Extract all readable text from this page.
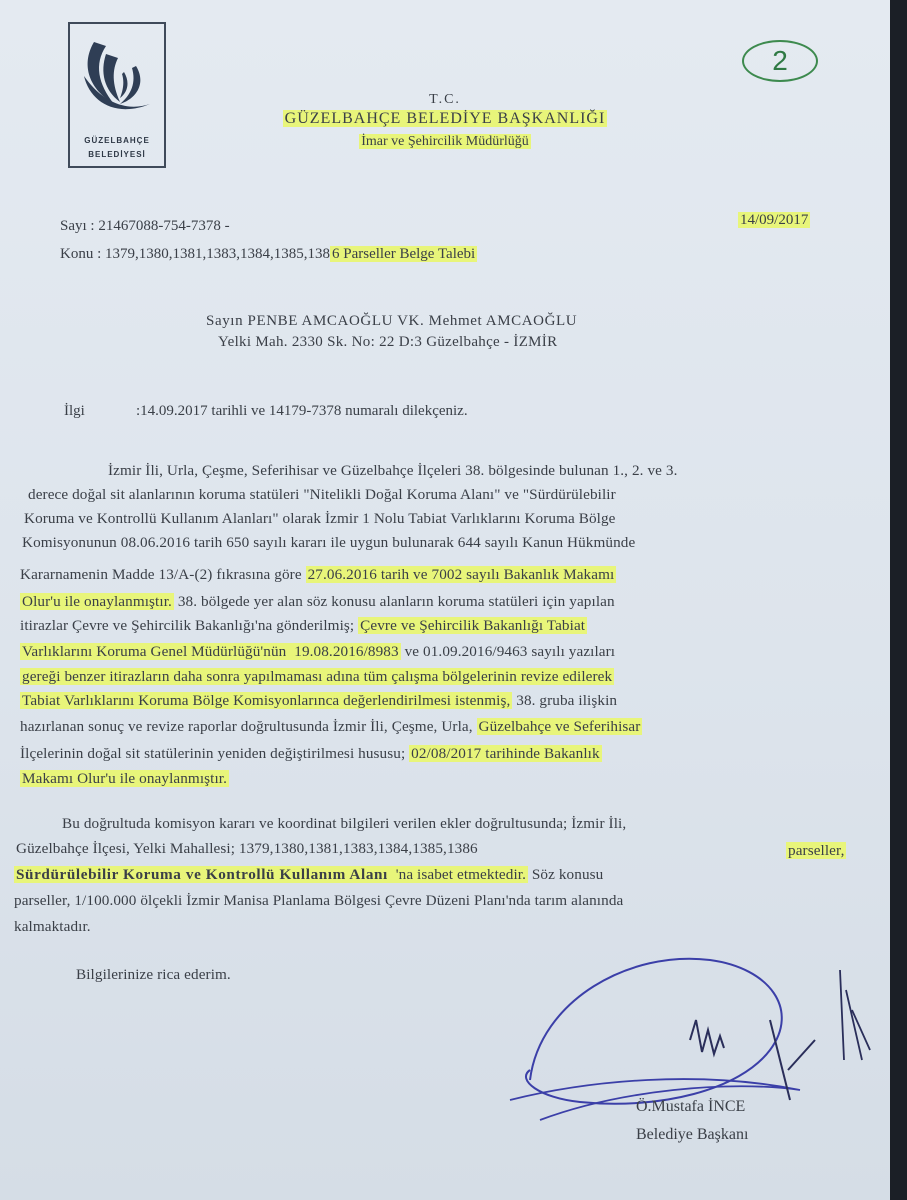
GÜZELBAHÇE
BELEDİYESİ
2
T.C.
GÜZELBAHÇE BELEDİYE BAŞKANLIĞI
İmar ve Şehircilik Müdürlüğü
Sayı : 21467088-754-7378 -	14/09/2017
Konu : 1379,1380,1381,1383,1384,1385,138 6 Parseller Belge Talebi
Sayın PENBE AMCAOĞLU VK. Mehmet AMCAOĞLU
Yelki Mah. 2330 Sk. No: 22 D:3 Güzelbahçe - İZMİR
İlgi	:14.09.2017 tarihli ve 14179-7378 numaralı dilekçeniz.
İzmir İli, Urla, Çeşme, Seferihisar ve Güzelbahçe İlçeleri 38. bölgesinde bulunan 1., 2. ve 3.
derece doğal sit alanlarının koruma statüleri "Nitelikli Doğal Koruma Alanı" ve "Sürdürülebilir
Koruma ve Kontrollü Kullanım Alanları" olarak İzmir 1 Nolu Tabiat Varlıklarını Koruma Bölge
Komisyonunun 08.06.2016 tarih 650 sayılı kararı ile uygun bulunarak 644 sayılı Kanun Hükmünde
Kararnamenin Madde 13/A-(2) fıkrasına göre 27.06.2016 tarih ve 7002 sayılı Bakanlık Makamı
Olur'u ile onaylanmıştır. 38. bölgede yer alan söz konusu alanların koruma statüleri için yapılan
itirazlar Çevre ve Şehircilik Bakanlığı'na gönderilmiş; Çevre ve Şehircilik Bakanlığı Tabiat
Varlıklarını Koruma Genel Müdürlüğü'nün 19.08.2016/8983 ve 01.09.2016/9463 sayılı yazıları
gereği benzer itirazların daha sonra yapılmaması adına tüm çalışma bölgelerinin revize edilerek
Tabiat Varlıklarını Koruma Bölge Komisyonlarınca değerlendirilmesi istenmiş, 38. gruba ilişkin
hazırlanan sonuç ve revize raporlar doğrultusunda İzmir İli, Çeşme, Urla, Güzelbahçe ve Seferihisar
İlçelerinin doğal sit statülerinin yeniden değiştirilmesi hususu; 02/08/2017 tarihinde Bakanlık
Makamı Olur'u ile onaylanmıştır.
Bu doğrultuda komisyon kararı ve koordinat bilgileri verilen ekler doğrultusunda; İzmir İli,
Güzelbahçe İlçesi, Yelki Mahallesi; 1379,1380,1381,1383,1384,1385,1386	parseller,
Sürdürülebilir Koruma ve Kontrollü Kullanım Alanı 'na isabet etmektedir. Söz konusu
parseller, 1/100.000 ölçekli İzmir Manisa Planlama Bölgesi Çevre Düzeni Planı'nda tarım alanında
kalmaktadır.
Bilgilerinize rica ederim.
Ö.Mustafa İNCE
Belediye Başkanı
